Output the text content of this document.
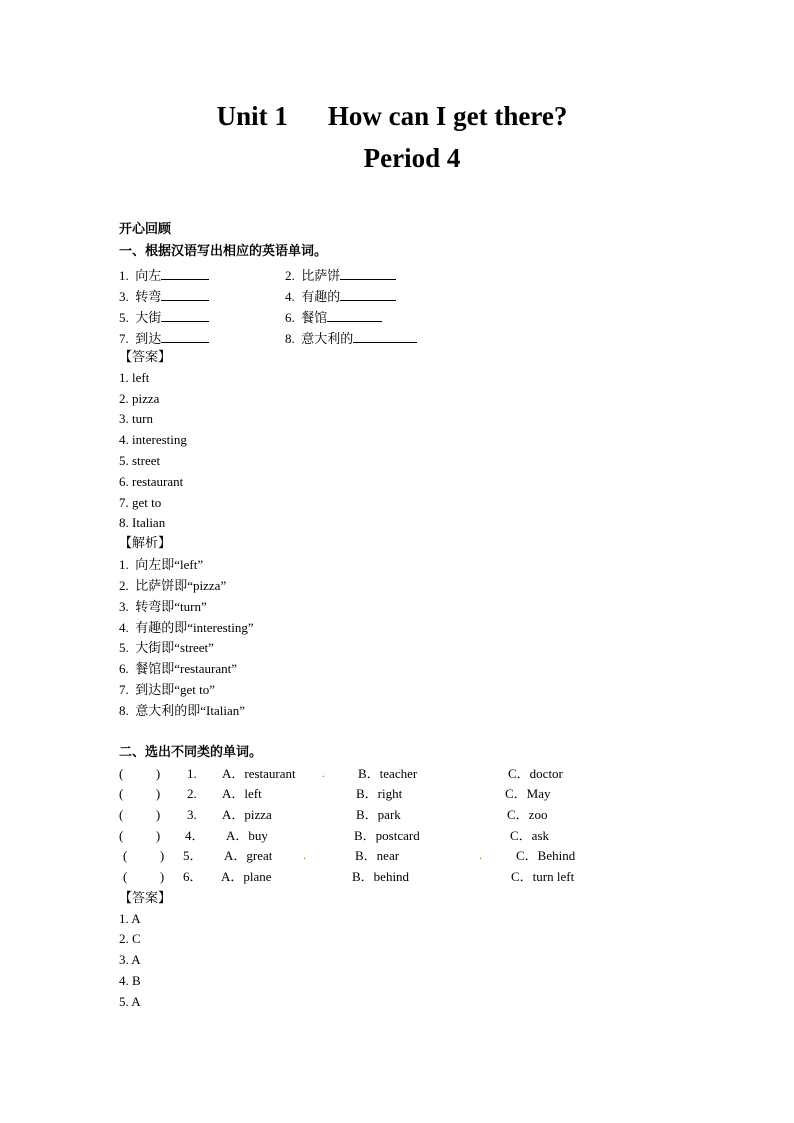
Unit 1 How can I get there?
Period 4
开心回顾
一、根据汉语写出相应的英语单词。
1. 向左	2. 比萨饼
3. 转弯	4. 有趣的
5. 大街	6. 餐馆
7. 到达	8. 意大利的
【答案】
1. left
2. pizza
3. turn
4. interesting
5. street
6. restaurant
7. get to
8. Italian
【解析】
1.  向左即“left”
2.  比萨饼即“pizza”
3.  转弯即“turn”
4.  有趣的即“interesting”
5.  大街即“street”
6.  餐馆即“restaurant”
7.  到达即“get to”
8.  意大利的即“Italian”
二、选出不同类的单词。
(          ) 1. A．restaurant .	B．teacher	C．doctor
(          ) 2. A．left	B．right	C．May
(          ) 3. A．pizza	B．park	C．zoo
(          ) 4． A．buy	B．postcard	C．ask
(          ) 5． A．great	.	B．near	.	C．Behind
(          ) 6． A．plane	B．behind	C．turn left
【答案】
1. A
2. C
3. A
4. B
5. A
